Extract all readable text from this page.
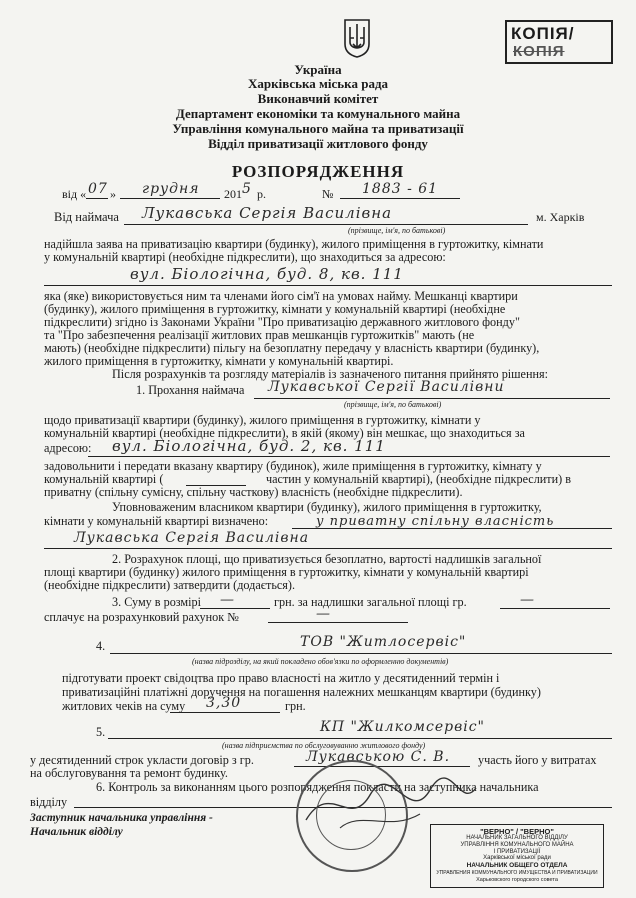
КОПІЯ/
КОПІЯ
Україна
Харківська міська рада
Виконавчий комітет
Департамент економіки та комунального майна
Управління комунального майна та приватизації
Відділ приватизації житлового фонду
РОЗПОРЯДЖЕННЯ
від « 07 » грудня 201 5 р.	№ 1883 - 61
Від наймача Лукавська Сергія Василівна	м. Харків
(прізвище, ім'я, по батькові)
надійшла заява на приватизацію квартири (будинку), жилого приміщення в гуртожитку, кімнати
у комунальній квартирі (необхідне підкреслити), що знаходиться за адресою:
вул. Біологічна, буд. 8, кв. 111
яка (яке) використовується ним та членами його сім'ї на умовах найму. Мешканці квартири
(будинку), жилого приміщення в гуртожитку, кімнати у комунальній квартирі (необхідне
підкреслити) згідно із Законами України "Про приватизацію державного житлового фонду"
та "Про забезпечення реалізації житлових прав мешканців гуртожитків" мають (не
мають) (необхідне підкреслити) пільгу на безоплатну передачу у власність квартири (будинку),
жилого приміщення в гуртожитку, кімнати у комунальній квартирі.
Після розрахунків та розгляду матеріалів із зазначеного питання прийнято рішення:
1. Прохання наймача Лукавської Сергії Василівни
(прізвище, ім'я, по батькові)
щодо приватизації квартири (будинку), жилого приміщення в гуртожитку, кімнати у
комунальній квартирі (необхідне підкреслити), в якій (якому) він мешкає, що знаходиться за
адресою: вул. Біологічна, буд. 2, кв. 111
задовольнити і передати вказану квартиру (будинок), жиле приміщення в гуртожитку, кімнату у
комунальній квартирі (	частин у комунальній квартирі), (необхідне підкреслити) в
приватну (спільну сумісну, спільну часткову) власність (необхідне підкреслити).
Уповноваженим власником квартири (будинку), жилого приміщення в гуртожитку,
кімнати у комунальній квартирі визначено:	у приватну спільну власність
Лукавська Сергія Василівна
2. Розрахунок площі, що приватизується безоплатно, вартості надлишків загальної
площі квартири (будинку) жилого приміщення в гуртожитку, кімнати у комунальній квартирі
(необхідне підкреслити) затвердити (додається).
3. Суму в розмірі —	грн. за надлишки загальної площі гр.	—
сплачує на розрахунковий рахунок №	—
4.	ТОВ "Житлосервіс"
(назва підрозділу, на який покладено обов'язки по оформленню документів)
підготувати проект свідоцтва про право власності на житло у десятиденний термін і
приватизаційні платіжні доручення на погашення належних мешканцям квартири (будинку)
житлових чеків на суму 3,30	грн.
5.	КП "Жилкомсервіс"
(назва підприємства по обслуговуванню житлового фонду)
у десятиденний строк укласти договір з гр.	Лукавською С. В. участь його у витратах
на обслуговування та ремонт будинку.
6. Контроль за виконанням цього розпорядження покласти на заступника начальника
відділу
Заступник начальника управління -
Начальник відділу	"ВЕРНО" / "ВЕРНО"
НАЧАЛЬНИК ЗАГАЛЬНОГО ВІДДІЛУ
УПРАВЛІННЯ КОМУНАЛЬНОГО МАЙНА
І ПРИВАТИЗАЦІЇ
Харківської міської ради
НАЧАЛЬНИК ОБЩЕГО ОТДЕЛА
УПРАВЛЕНИЯ КОММУНАЛЬНОГО ИМУЩЕСТВА И ПРИВАТИЗАЦИИ
Харьковского городского совета
